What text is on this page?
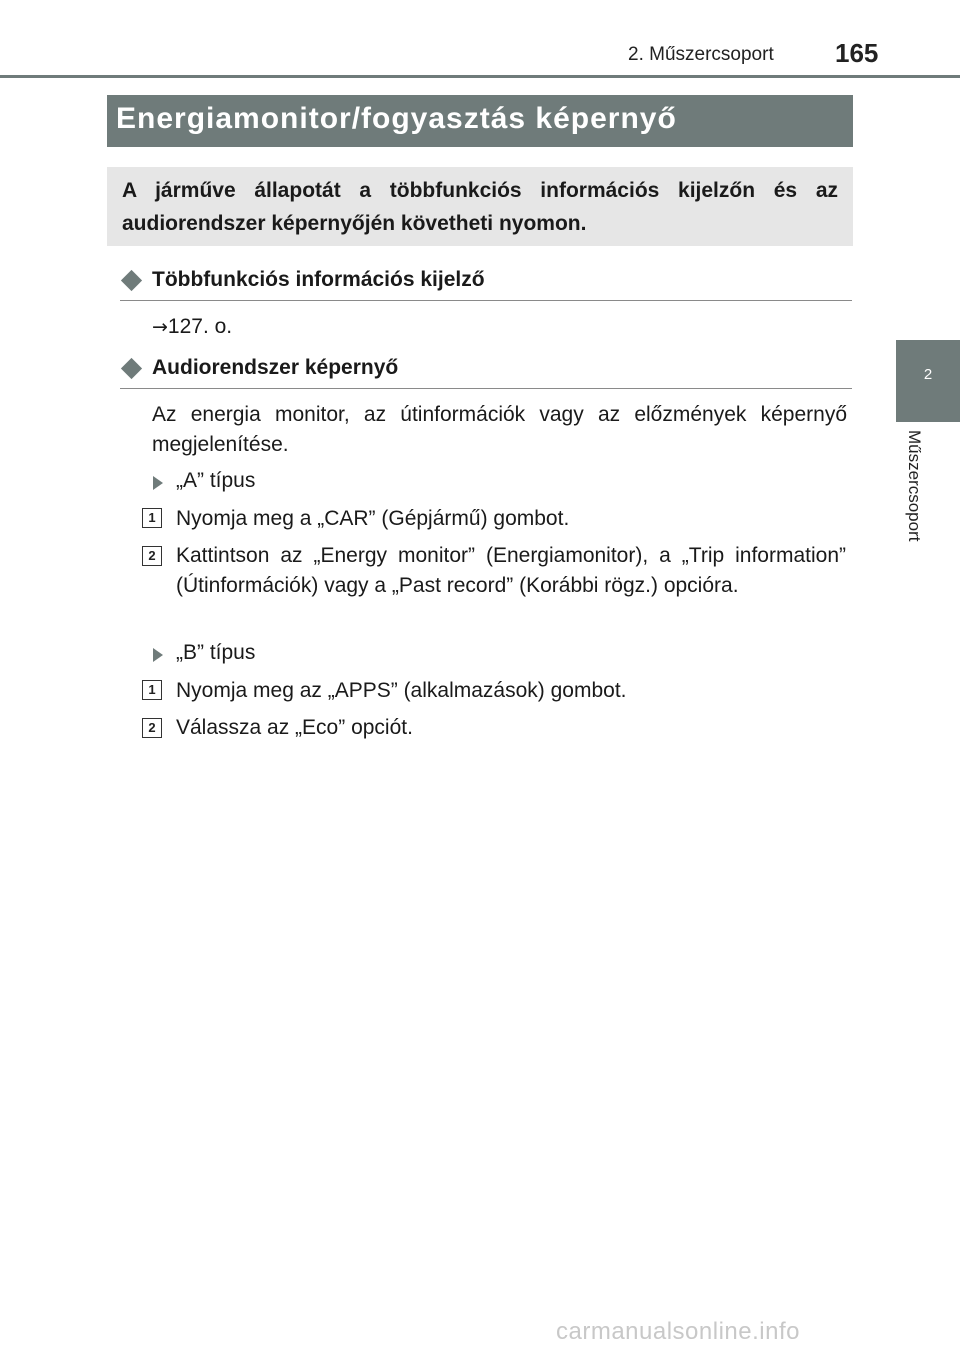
2. Műszercsoport 165
Energiamonitor/fogyasztás képernyő
A járműve állapotát a többfunkciós információs kijelzőn és az audiorendszer képernyőjén követheti nyomon.
Többfunkciós információs kijelző
→127. o.
Audiorendszer képernyő
Az energia monitor, az útinformációk vagy az előzmények képernyő megjelenítése.
„A” típus
1 Nyomja meg a „CAR” (Gépjármű) gombot.
2 Kattintson az „Energy monitor” (Energiamonitor), a „Trip information” (Útinformációk) vagy a „Past record” (Korábbi rögz.) opcióra.
„B” típus
1 Nyomja meg az „APPS” (alkalmazások) gombot.
2 Válassza az „Eco” opciót.
2
Műszercsoport
carmanualsonline.info
